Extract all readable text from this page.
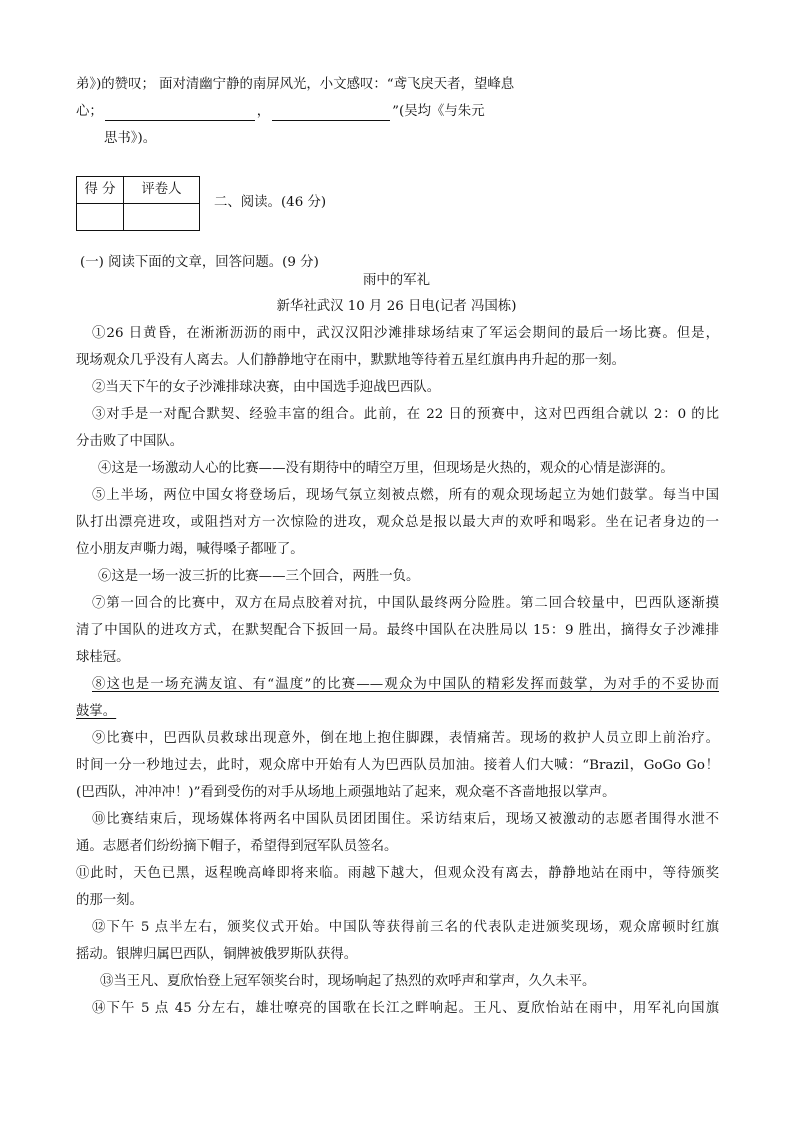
弟》)的赞叹； 面对清幽宁静的南屏风光，小文感叹：“鸢飞戾天者，望峰息
心；	，	”(吴均《与朱元
思书》)。
得 分	评卷人

二、阅读。(46 分)
(一) 阅读下面的文章，回答问题。(9 分)
雨中的军礼
新华社武汉 10 月 26 日电(记者 冯国栋)
①26 日黄昏，在淅淅沥沥的雨中，武汉汉阳沙滩排球场结束了军运会期间的最后一场比赛。但是，
现场观众几乎没有人离去。人们静静地守在雨中，默默地等待着五星红旗冉冉升起的那一刻。
②当天下午的女子沙滩排球决赛，由中国选手迎战巴西队。
③对手是一对配合默契、经验丰富的组合。此前，在 22 日的预赛中，这对巴西组合就以 2：0 的比
分击败了中国队。
④这是一场激动人心的比赛——没有期待中的晴空万里，但现场是火热的，观众的心情是澎湃的。
⑤上半场，两位中国女将登场后，现场气氛立刻被点燃，所有的观众现场起立为她们鼓掌。每当中国
队打出漂亮进攻，或阻挡对方一次惊险的进攻，观众总是报以最大声的欢呼和喝彩。坐在记者身边的一
位小朋友声嘶力竭，喊得嗓子都哑了。
⑥这是一场一波三折的比赛——三个回合，两胜一负。
⑦第一回合的比赛中，双方在局点胶着对抗，中国队最终两分险胜。第二回合较量中，巴西队逐渐摸
清了中国队的进攻方式，在默契配合下扳回一局。最终中国队在决胜局以 15：9 胜出，摘得女子沙滩排
球桂冠。
⑧这也是一场充满友谊、有“温度”的比赛——观众为中国队的精彩发挥而鼓掌，为对手的不妥协而
鼓掌。
⑨比赛中，巴西队员救球出现意外，倒在地上抱住脚踝，表情痛苦。现场的救护人员立即上前治疗。
时间一分一秒地过去，此时，观众席中开始有人为巴西队员加油。接着人们大喊：“Brazil，GoGo Go！
(巴西队，冲冲冲！)”看到受伤的对手从场地上顽强地站了起来，观众毫不吝啬地报以掌声。
⑩比赛结束后，现场媒体将两名中国队员团团围住。采访结束后，现场又被激动的志愿者围得水泄不
通。志愿者们纷纷摘下帽子，希望得到冠军队员签名。
⑪此时，天色已黑，返程晚高峰即将来临。雨越下越大，但观众没有离去，静静地站在雨中，等待颁奖
的那一刻。
⑫下午 5 点半左右，颁奖仪式开始。中国队等获得前三名的代表队走进颁奖现场，观众席顿时红旗
摇动。银牌归属巴西队，铜牌被俄罗斯队获得。
⑬当王凡、夏欣怡登上冠军领奖台时，现场响起了热烈的欢呼声和掌声，久久未平。
⑭下午 5 点 45 分左右，雄壮嘹亮的国歌在长江之畔响起。王凡、夏欣怡站在雨中，用军礼向国旗
